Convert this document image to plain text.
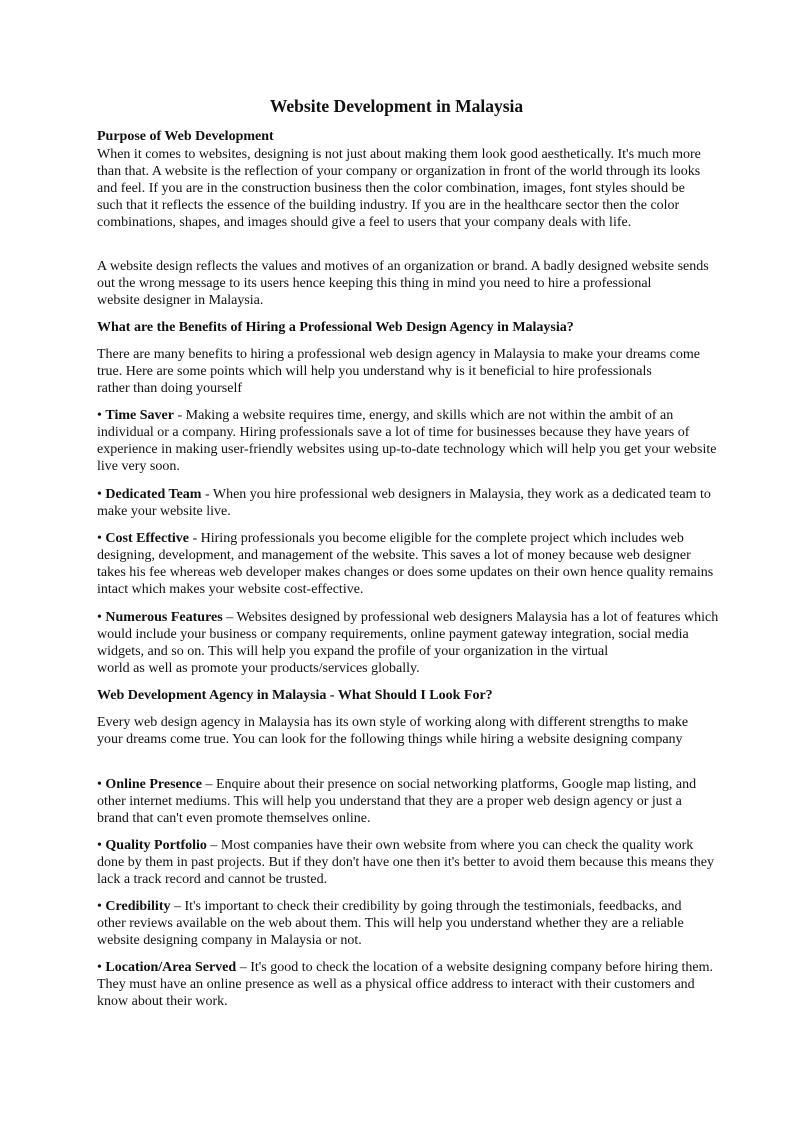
Website Development in Malaysia
Purpose of Web Development

When it comes to websites, designing is not just about making them look good aesthetically. It's much more than that. A website is the reflection of your company or organization in front of the world through its looks and feel. If you are in the construction business then the color combination, images, font styles should be such that it reflects the essence of the building industry. If you are in the healthcare sector then the color combinations, shapes, and images should give a feel to users that your company deals with life.

A website design reflects the values and motives of an organization or brand. A badly designed website sends out the wrong message to its users hence keeping this thing in mind you need to hire a professional
website designer in Malaysia.

What are the Benefits of Hiring a Professional Web Design Agency in Malaysia?

There are many benefits to hiring a professional web design agency in Malaysia to make your dreams come true. Here are some points which will help you understand why is it beneficial to hire professionals
rather than doing yourself

• Time Saver - Making a website requires time, energy, and skills which are not within the ambit of an individual or a company. Hiring professionals save a lot of time for businesses because they have years of experience in making user-friendly websites using up-to-date technology which will help you get your website live very soon.

• Dedicated Team - When you hire professional web designers in Malaysia, they work as a dedicated team to make your website live.

• Cost Effective - Hiring professionals you become eligible for the complete project which includes web designing, development, and management of the website. This saves a lot of money because web designer takes his fee whereas web developer makes changes or does some updates on their own hence quality remains intact which makes your website cost-effective.

• Numerous Features – Websites designed by professional web designers Malaysia has a lot of features which would include your business or company requirements, online payment gateway integration, social media widgets, and so on. This will help you expand the profile of your organization in the virtual
world as well as promote your products/services globally.

Web Development Agency in Malaysia - What Should I Look For?

Every web design agency in Malaysia has its own style of working along with different strengths to make your dreams come true. You can look for the following things while hiring a website designing company

• Online Presence – Enquire about their presence on social networking platforms, Google map listing, and other internet mediums. This will help you understand that they are a proper web design agency or just a brand that can't even promote themselves online.

• Quality Portfolio – Most companies have their own website from where you can check the quality work done by them in past projects. But if they don't have one then it's better to avoid them because this means they lack a track record and cannot be trusted.

• Credibility – It's important to check their credibility by going through the testimonials, feedbacks, and other reviews available on the web about them. This will help you understand whether they are a reliable website designing company in Malaysia or not.

• Location/Area Served – It's good to check the location of a website designing company before hiring them. They must have an online presence as well as a physical office address to interact with their customers and know about their work.
